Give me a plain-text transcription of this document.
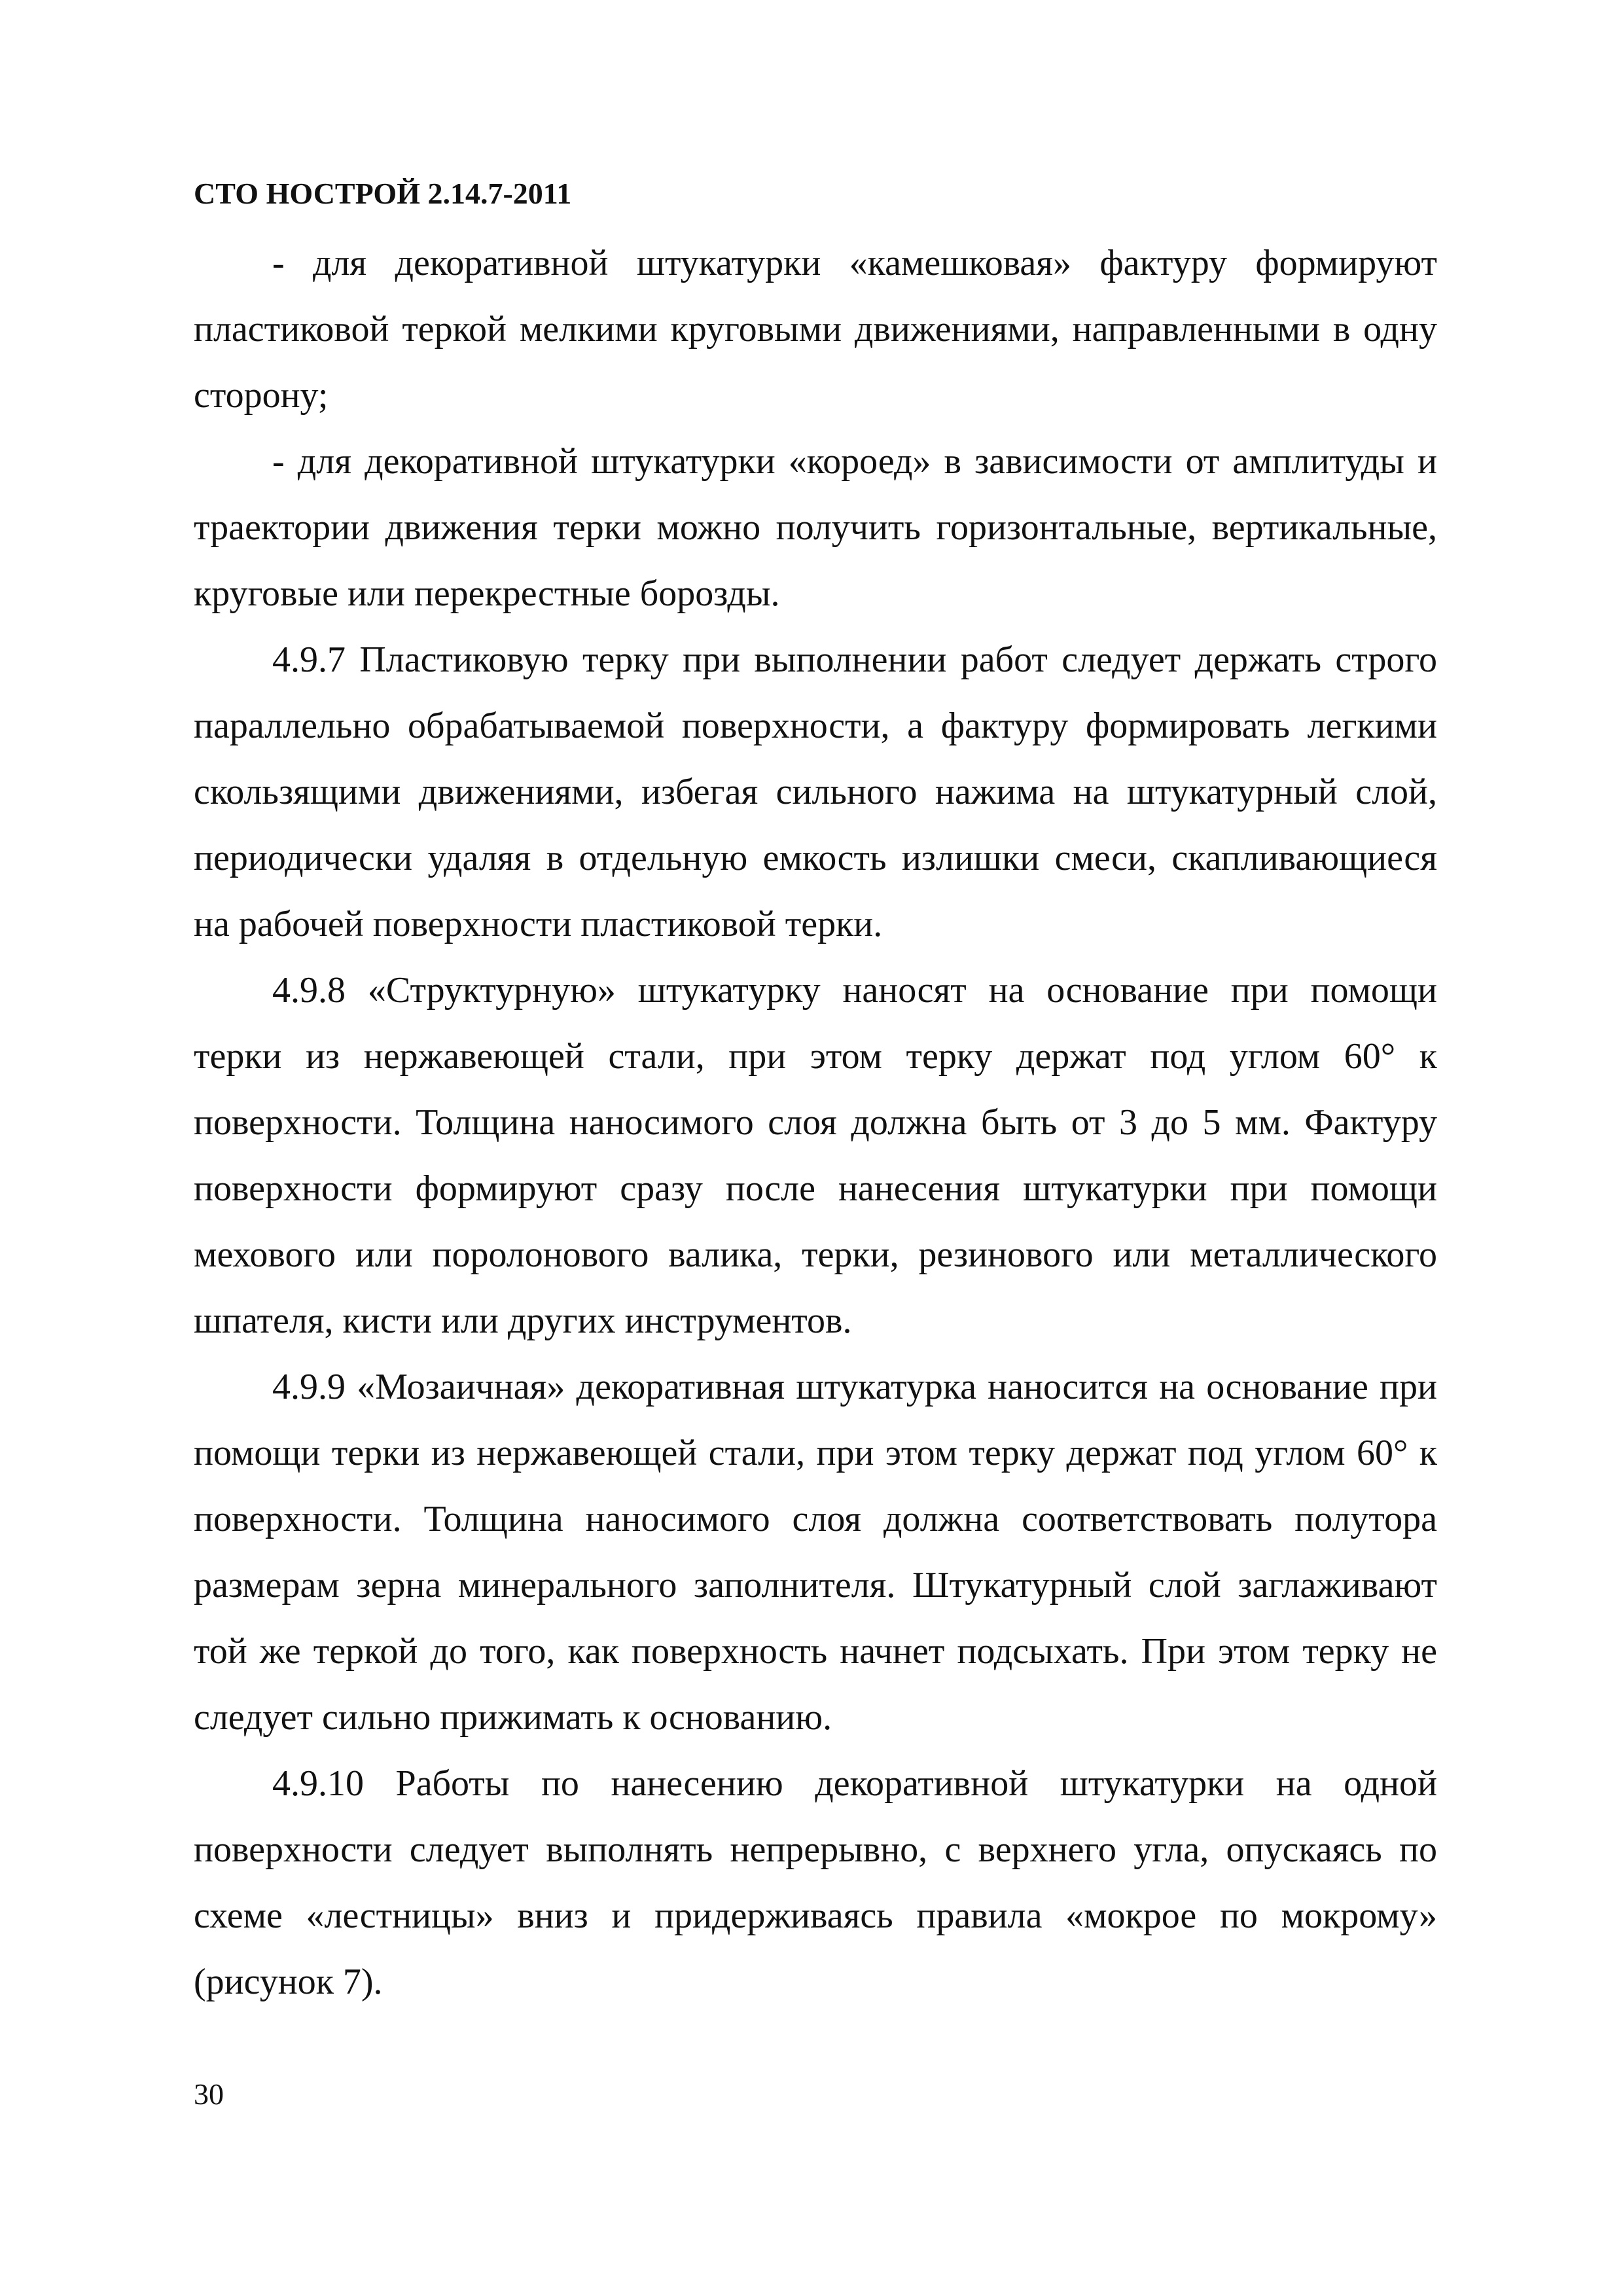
СТО НОСТРОЙ 2.14.7-2011

- для декоративной штукатурки «камешковая» фактуру формируют пластиковой теркой мелкими круговыми движениями, направленными в одну сторону;

- для декоративной штукатурки «короед» в зависимости от амплитуды и траектории движения терки можно получить горизонтальные, вертикальные, круговые или перекрестные борозды.

4.9.7 Пластиковую терку при выполнении работ следует держать строго параллельно обрабатываемой поверхности, а фактуру формировать легкими скользящими движениями, избегая сильного нажима на штукатурный слой, периодически удаляя в отдельную емкость излишки смеси, скапливающиеся на рабочей поверхности пластиковой терки.

4.9.8 «Структурную» штукатурку наносят на основание при помощи терки из нержавеющей стали, при этом терку держат под углом 60° к поверхности. Толщина наносимого слоя должна быть от 3 до 5 мм. Фактуру поверхности формируют сразу после нанесения штукатурки при помощи мехового или поролонового валика, терки, резинового или металлического шпателя, кисти или других инструментов.

4.9.9 «Мозаичная» декоративная штукатурка наносится на основание при помощи терки из нержавеющей стали, при этом терку держат под углом 60° к поверхности. Толщина наносимого слоя должна соответствовать полутора размерам зерна минерального заполнителя. Штукатурный слой заглаживают той же теркой до того, как поверхность начнет подсыхать. При этом терку не следует сильно прижимать к основанию.

4.9.10 Работы по нанесению декоративной штукатурки на одной поверхности следует выполнять непрерывно, с верхнего угла, опускаясь по схеме «лестницы» вниз и придерживаясь правила «мокрое по мокрому» (рисунок 7).

30
